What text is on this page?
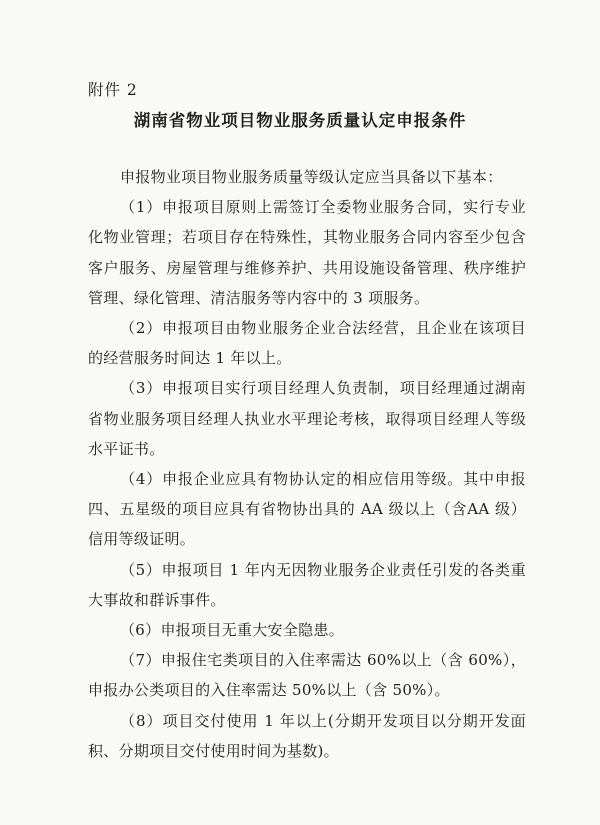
附件 2
湖南省物业项目物业服务质量认定申报条件

申报物业项目物业服务质量等级认定应当具备以下基本：

（1）申报项目原则上需签订全委物业服务合同，实行专业化物业管理；若项目存在特殊性，其物业服务合同内容至少包含客户服务、房屋管理与维修养护、共用设施设备管理、秩序维护管理、绿化管理、清洁服务等内容中的 3 项服务。

（2）申报项目由物业服务企业合法经营，且企业在该项目的经营服务时间达 1 年以上。

（3）申报项目实行项目经理人负责制，项目经理通过湖南省物业服务项目经理人执业水平理论考核，取得项目经理人等级水平证书。

（4）申报企业应具有物协认定的相应信用等级。其中申报四、五星级的项目应具有省物协出具的 AA 级以上（含AA 级）信用等级证明。

（5）申报项目 1 年内无因物业服务企业责任引发的各类重大事故和群诉事件。

（6）申报项目无重大安全隐患。

（7）申报住宅类项目的入住率需达 60%以上（含 60%），申报办公类项目的入住率需达 50%以上（含 50%）。

（8）项目交付使用 1 年以上(分期开发项目以分期开发面积、分期项目交付使用时间为基数)。
